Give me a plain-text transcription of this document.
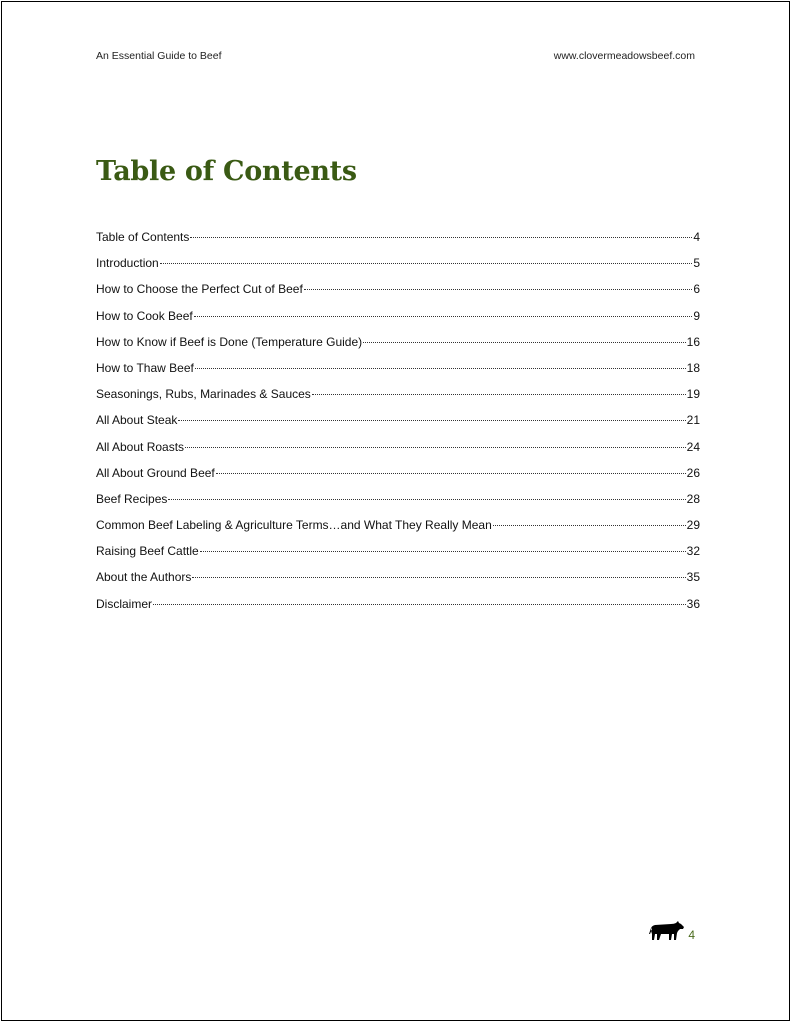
An Essential Guide to Beef	www.clovermeadowsbeef.com
Table of Contents
Table of Contents	4
Introduction	5
How to Choose the Perfect Cut of Beef	6
How to Cook Beef	9
How to Know if Beef is Done (Temperature Guide)	16
How to Thaw Beef	18
Seasonings, Rubs, Marinades & Sauces	19
All About Steak	21
All About Roasts	24
All About Ground Beef	26
Beef Recipes	28
Common Beef Labeling & Agriculture Terms…and What They Really Mean	29
Raising Beef Cattle	32
About the Authors	35
Disclaimer	36
4
